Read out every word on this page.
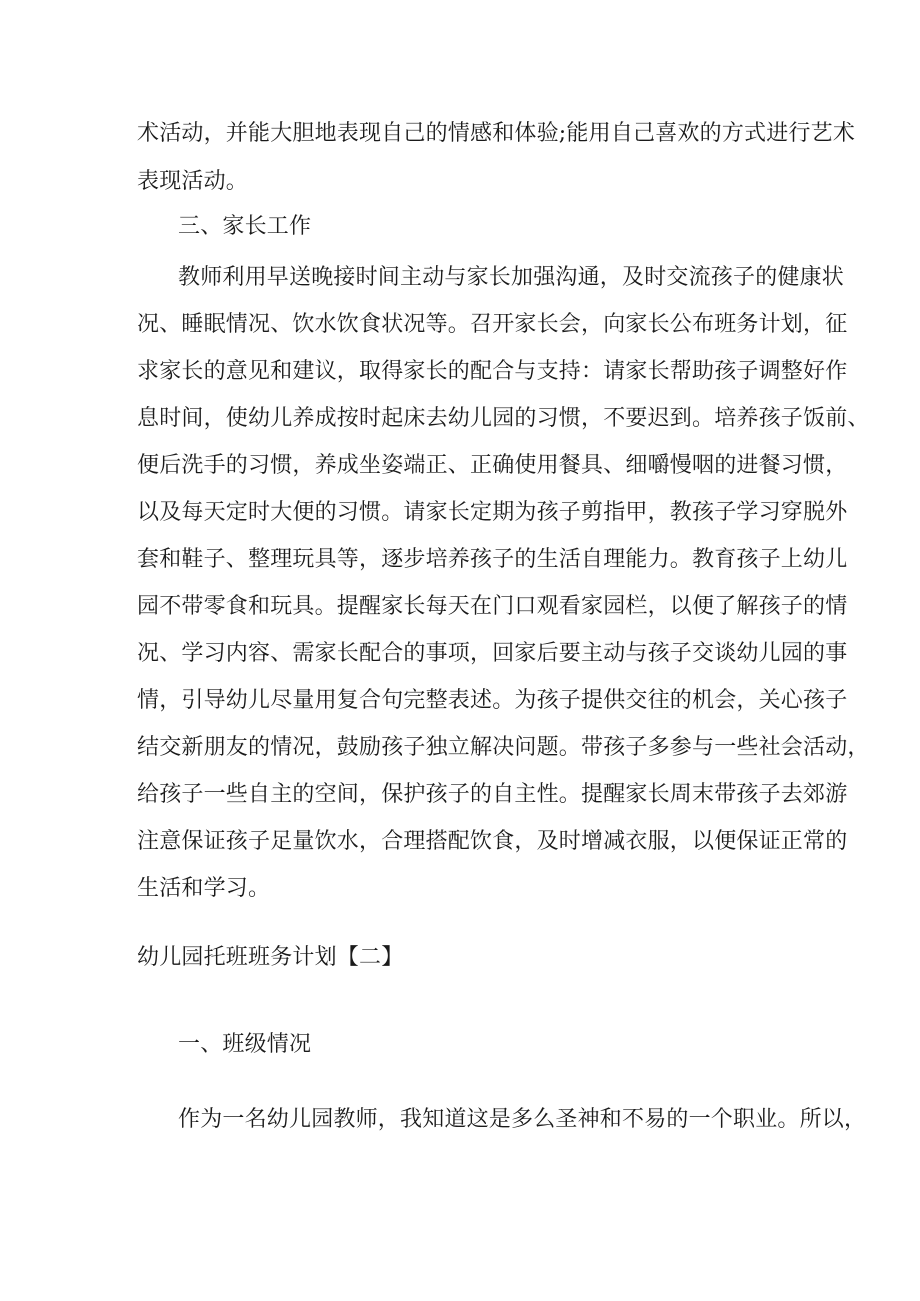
术活动，并能大胆地表现自己的情感和体验;能用自己喜欢的方式进行艺术
表现活动。
三、家长工作
教师利用早送晚接时间主动与家长加强沟通，及时交流孩子的健康状
况、睡眠情况、饮水饮食状况等。召开家长会，向家长公布班务计划，征
求家长的意见和建议，取得家长的配合与支持：请家长帮助孩子调整好作
息时间，使幼儿养成按时起床去幼儿园的习惯，不要迟到。培养孩子饭前、
便后洗手的习惯，养成坐姿端正、正确使用餐具、细嚼慢咽的进餐习惯，
以及每天定时大便的习惯。请家长定期为孩子剪指甲，教孩子学习穿脱外
套和鞋子、整理玩具等，逐步培养孩子的生活自理能力。教育孩子上幼儿
园不带零食和玩具。提醒家长每天在门口观看家园栏，以便了解孩子的情
况、学习内容、需家长配合的事项，回家后要主动与孩子交谈幼儿园的事
情，引导幼儿尽量用复合句完整表述。为孩子提供交往的机会，关心孩子
结交新朋友的情况，鼓励孩子独立解决问题。带孩子多参与一些社会活动，
给孩子一些自主的空间，保护孩子的自主性。提醒家长周末带孩子去郊游
注意保证孩子足量饮水，合理搭配饮食，及时增减衣服，以便保证正常的
生活和学习。
幼儿园托班班务计划【二】
一、班级情况
作为一名幼儿园教师，我知道这是多么圣神和不易的一个职业。所以，
